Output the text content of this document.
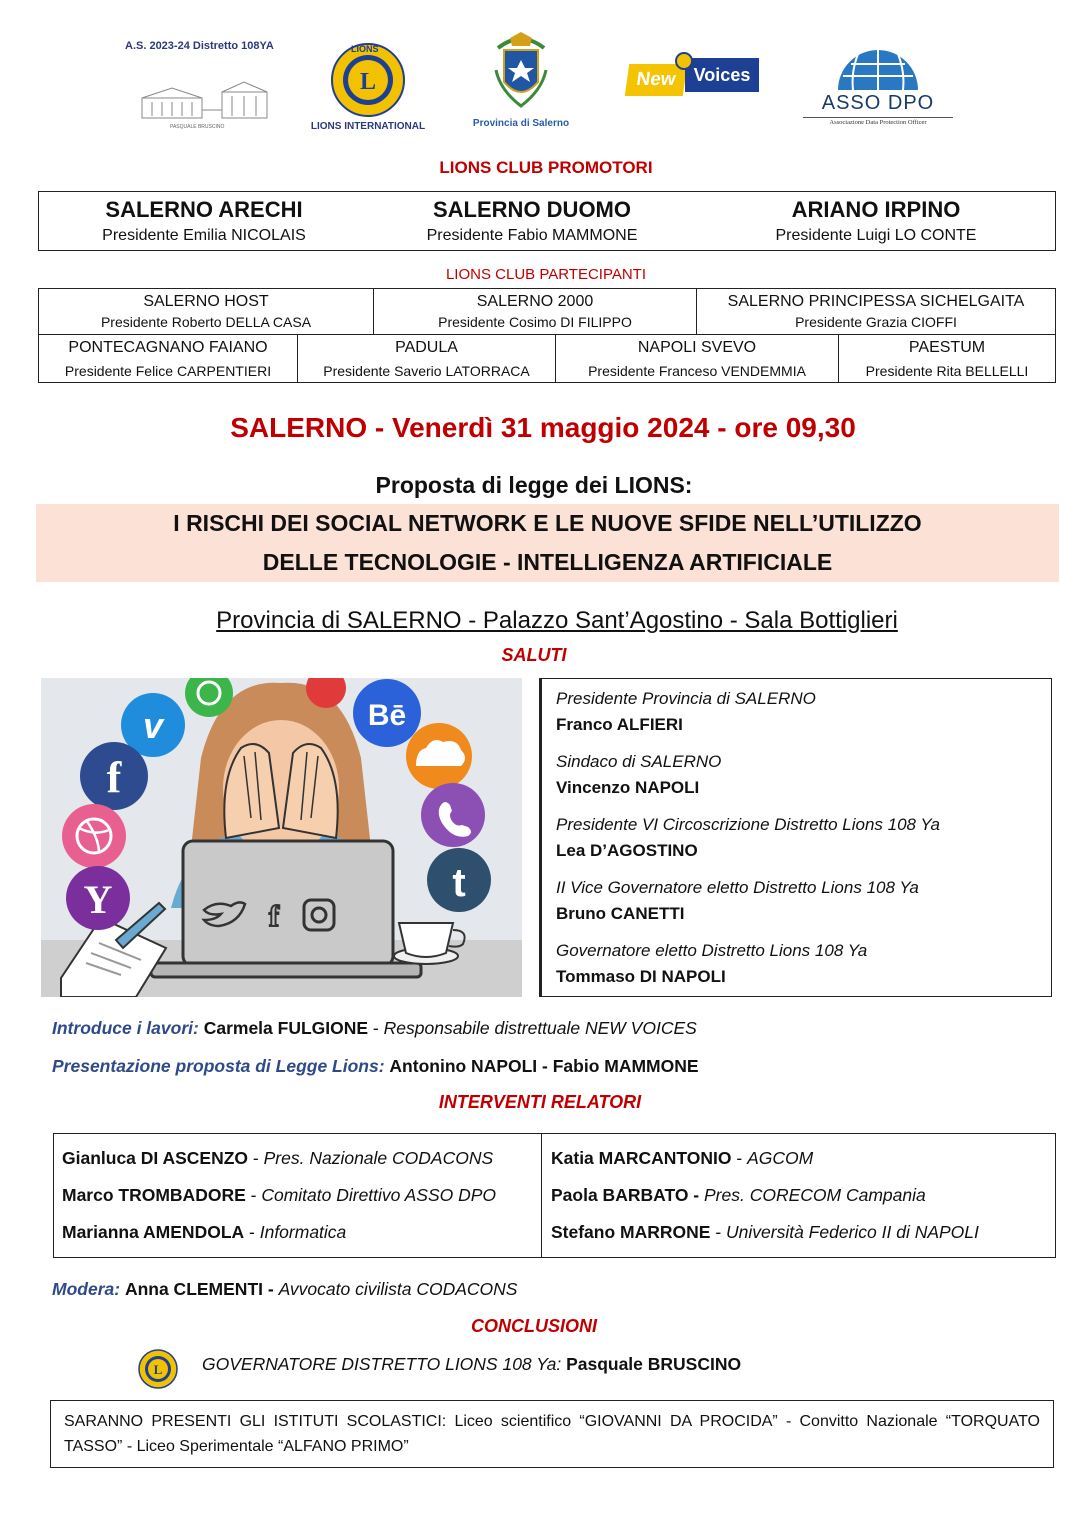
A.S. 2023-24 Distretto 108YA
PASQUALE BRUSCINO
L
LIONS
LIONS INTERNATIONAL	Provincia di Salerno
New Voices
ASSO DPO
Associazione Data Protection Officer
LIONS CLUB PROMOTORI
SALERNO ARECHI
Presidente Emilia NICOLAIS
SALERNO DUOMO
Presidente Fabio MAMMONE
ARIANO IRPINO
Presidente Luigi LO CONTE
LIONS CLUB PARTECIPANTI
SALERNO HOST
Presidente Roberto DELLA CASA
SALERNO 2000
Presidente Cosimo DI FILIPPO
SALERNO PRINCIPESSA SICHELGAITA
Presidente Grazia CIOFFI
PONTECAGNANO FAIANO
Presidente Felice CARPENTIERI
PADULA
Presidente Saverio LATORRACA
NAPOLI SVEVO
Presidente Franceso VENDEMMIA
PAESTUM
Presidente Rita BELLELLI
SALERNO - Venerdì 31 maggio 2024 - ore 09,30
Proposta di legge dei LIONS:
I RISCHI DEI SOCIAL NETWORK E LE NUOVE SFIDE NELL’UTILIZZO
DELLE TECNOLOGIE - INTELLIGENZA ARTIFICIALE
Provincia di SALERNO - Palazzo Sant’Agostino - Sala Bottiglieri
SALUTI
f
v	Bē
f
Y	t
Presidente Provincia di SALERNO
Franco ALFIERI
Sindaco di SALERNO
Vincenzo NAPOLI
Presidente VI Circoscrizione Distretto Lions 108 Ya
Lea D’AGOSTINO
II Vice Governatore eletto Distretto Lions 108 Ya
Bruno CANETTI
Governatore eletto Distretto Lions 108 Ya
Tommaso DI NAPOLI
Introduce i lavori: Carmela FULGIONE - Responsabile distrettuale NEW VOICES
Presentazione proposta di Legge Lions: Antonino NAPOLI - Fabio MAMMONE
INTERVENTI RELATORI
Gianluca DI ASCENZO - Pres. Nazionale CODACONS
Marco TROMBADORE - Comitato Direttivo ASSO DPO
Marianna AMENDOLA - Informatica
Katia MARCANTONIO - AGCOM
Paola BARBATO - Pres. CORECOM Campania
Stefano MARRONE - Università Federico II di NAPOLI
Modera: Anna CLEMENTI - Avvocato civilista CODACONS
CONCLUSIONI
L GOVERNATORE DISTRETTO LIONS 108 Ya: Pasquale BRUSCINO
SARANNO PRESENTI GLI ISTITUTI SCOLASTICI: Liceo scientifico “GIOVANNI DA PROCIDA” - Convitto Nazionale “TORQUATO TASSO” - Liceo Sperimentale “ALFANO PRIMO”
